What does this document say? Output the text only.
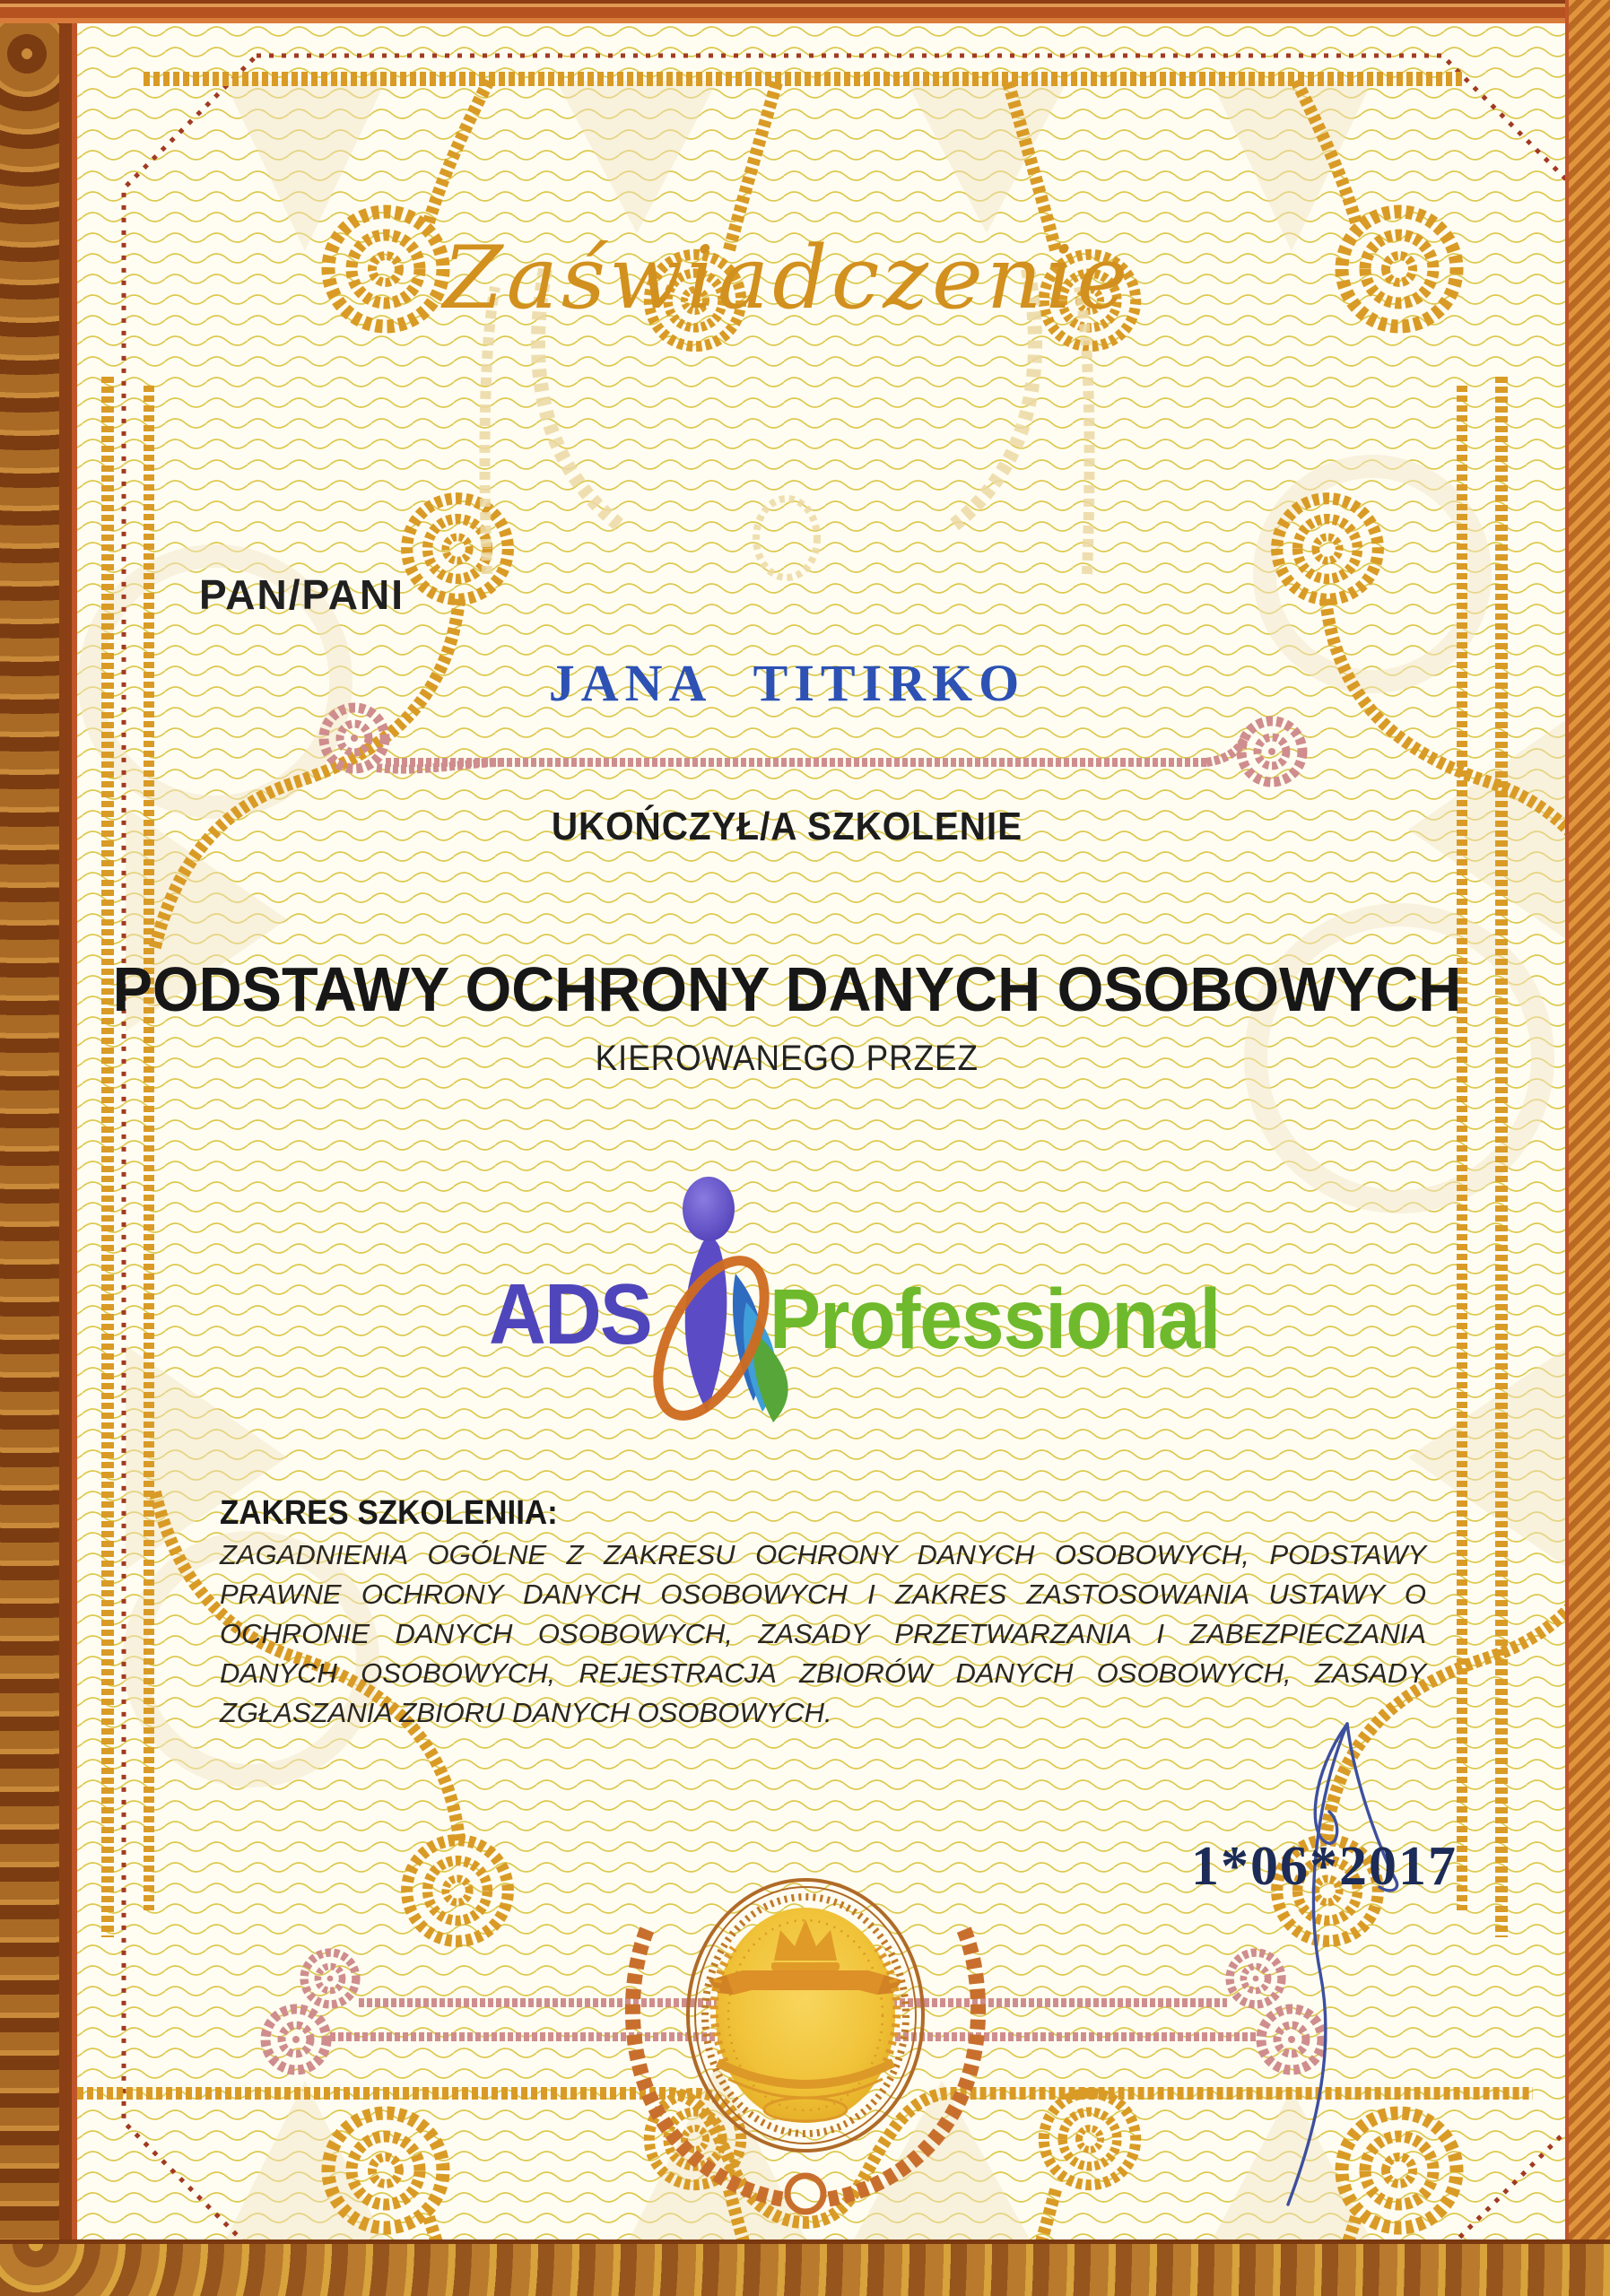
Zaświadczenie
PAN/PANI
JANA TITIRKO
UKOŃCZYŁ/A SZKOLENIE
PODSTAWY OCHRONY DANYCH OSOBOWYCH
KIEROWANEGO PRZEZ
ADS Professional
ZAKRES SZKOLENIIA:
ZAGADNIENIA OGÓLNE Z ZAKRESU OCHRONY DANYCH OSOBOWYCH, PODSTAWY PRAWNE OCHRONY DANYCH OSOBOWYCH I ZAKRES ZASTOSOWANIA USTAWY O OCHRONIE DANYCH OSOBOWYCH, ZASADY PRZETWARZANIA I ZABEZPIECZANIA DANYCH OSOBOWYCH, REJESTRACJA ZBIORÓW DANYCH OSOBOWYCH, ZASADY ZGŁASZANIA ZBIORU DANYCH OSOBOWYCH.
1*06*2017
